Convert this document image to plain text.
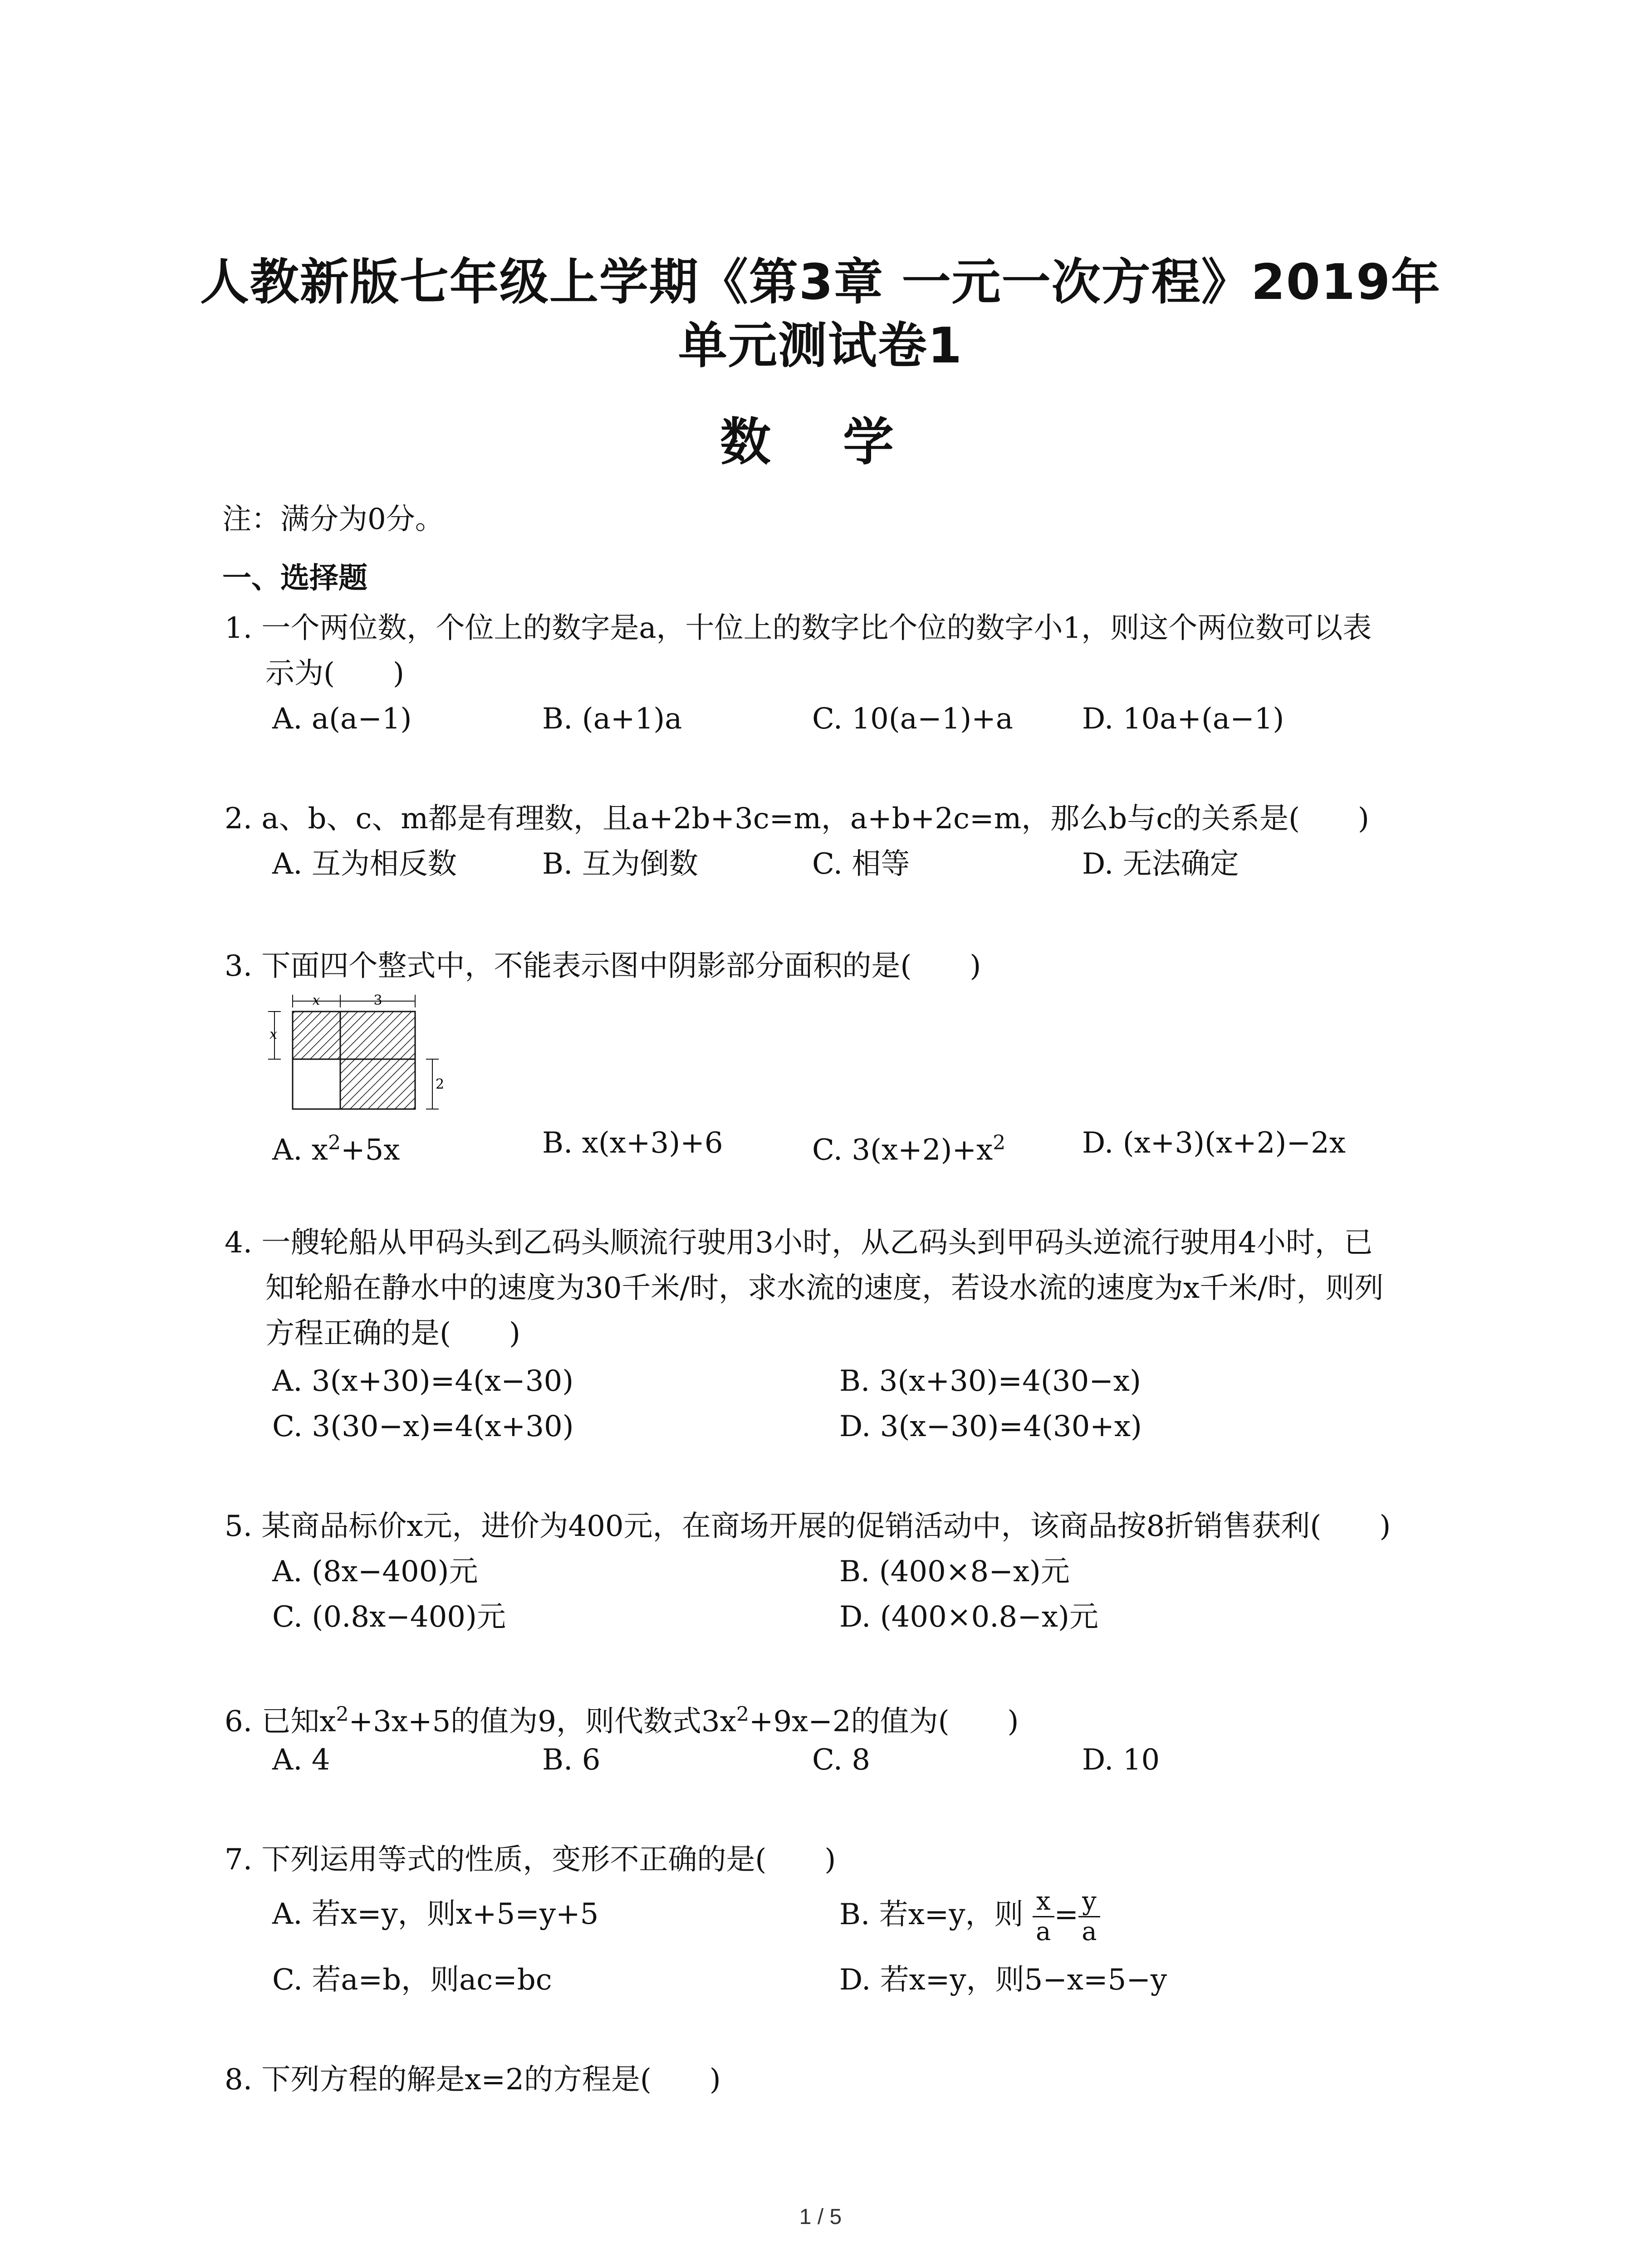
人教新版七年级上学期《第3章 一元一次方程》2019年
单元测试卷1
数 学
注：满分为0分。
一、选择题
1. 一个两位数，个位上的数字是a，十位上的数字比个位的数字小1，则这个两位数可以表
示为(　　)
A. a(a−1)	B. (a+1)a	C. 10(a−1)+a D. 10a+(a−1)
2. a、b、c、m都是有理数，且a+2b+3c=m，a+b+2c=m，那么b与c的关系是(　　)
A. 互为相反数	B. 互为倒数	C. 相等	D. 无法确定
3. 下面四个整式中，不能表示图中阴影部分面积的是(　　)
x	3
x
2
A. $x^2+5x$	B. x(x+3)+6	C. $3(x+2)+x^2$	D. (x+3)(x+2)−2x
4. 一艘轮船从甲码头到乙码头顺流行驶用3小时，从乙码头到甲码头逆流行驶用4小时，已
知轮船在静水中的速度为30千米/时，求水流的速度，若设水流的速度为x千米/时，则列
方程正确的是(　　)
A. 3(x+30)=4(x−30)	B. 3(x+30)=4(30−x)
C. 3(30−x)=4(x+30)	D. 3(x−30)=4(30+x)
5. 某商品标价x元，进价为400元，在商场开展的促销活动中，该商品按8折销售获利(　　)
A. (8x−400)元	B. (400×8−x)元
C. (0.8x−400)元	D. (400×0.8−x)元
6. 已知$x^2+3x+5$的值为9，则代数式$3x^2+9x-2$的值为(　　)
A. 4	B. 6	C. 8	D. 10
7. 下列运用等式的性质，变形不正确的是(　　)
A. 若x=y，则x+5=y+5	B. 若x=y，则 $\frac{x}{a} = \frac{y}{a}$
C. 若a=b，则ac=bc	D. 若x=y，则5−x=5−y
8. 下列方程的解是x=2的方程是(　　)
1 / 5
